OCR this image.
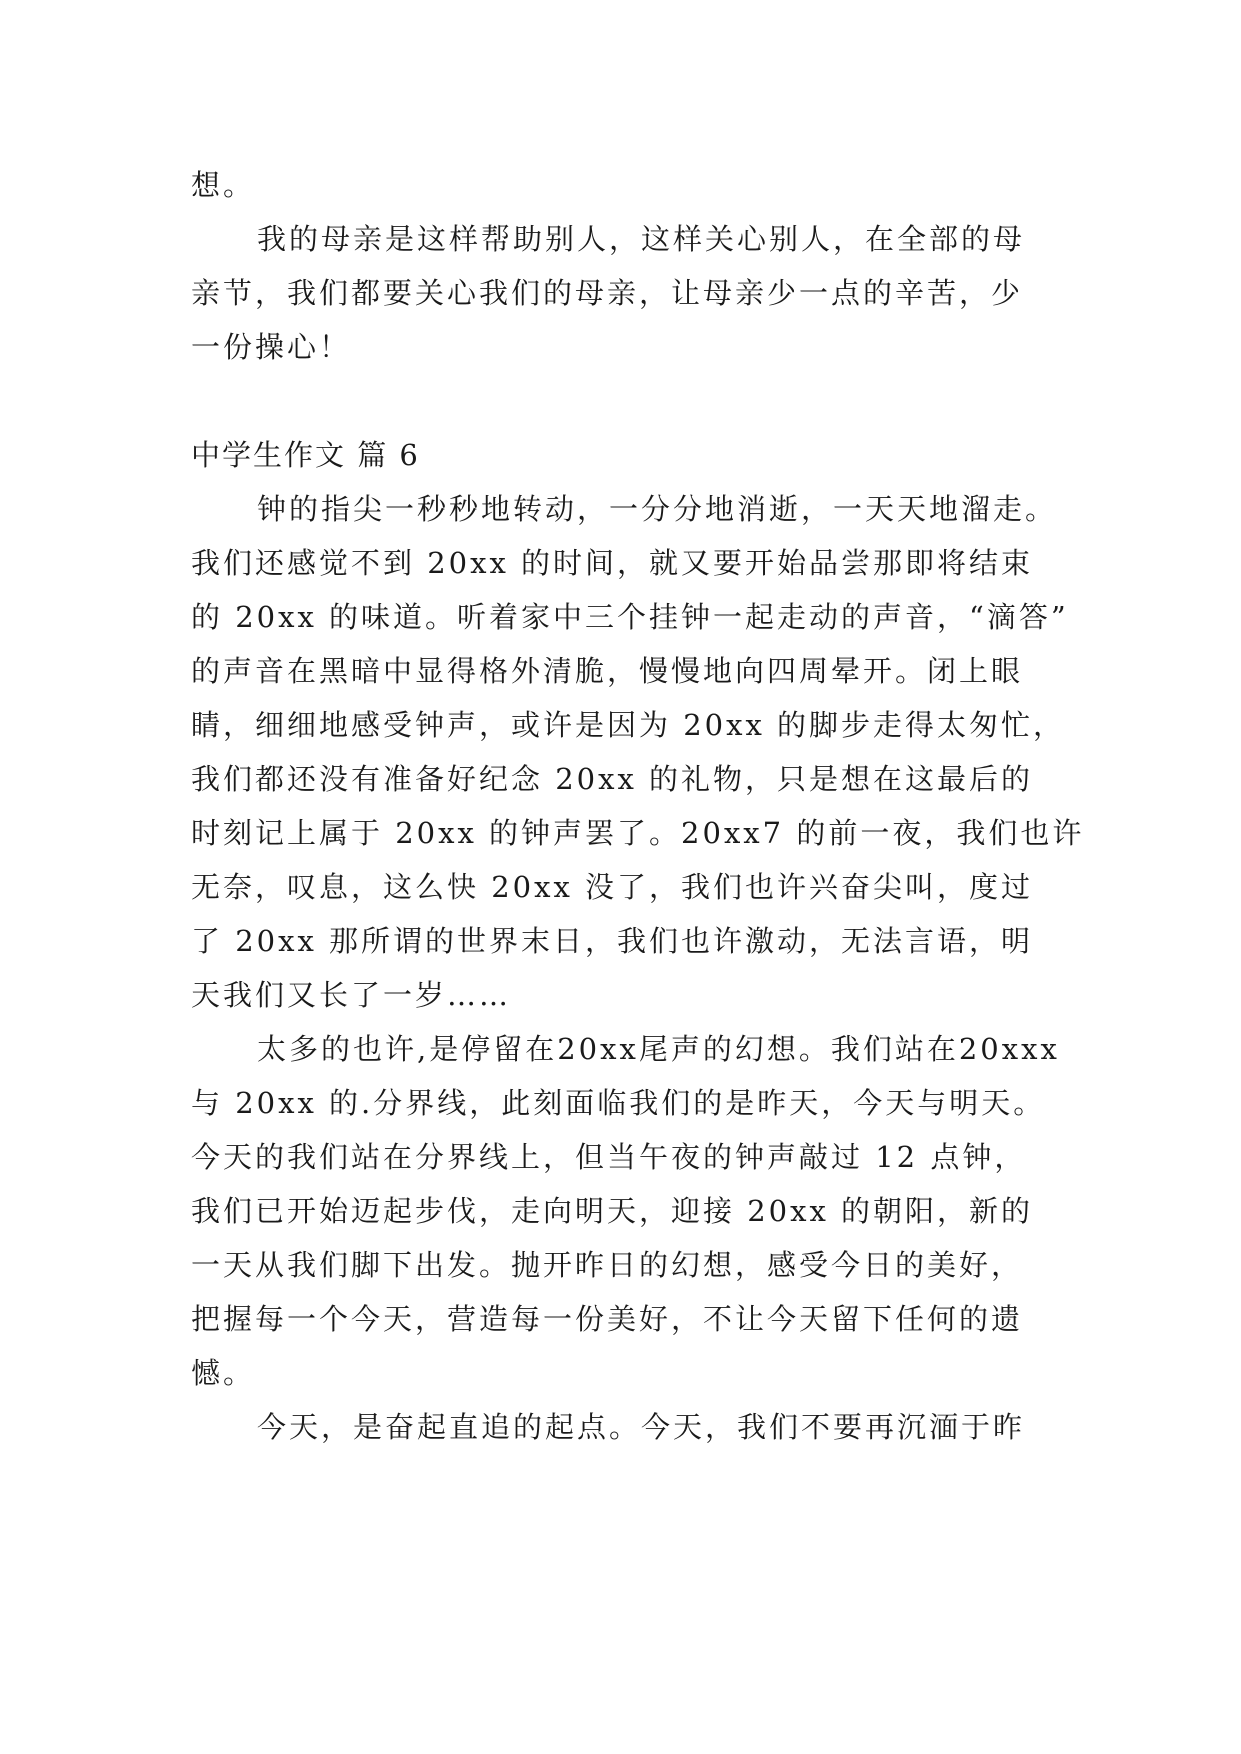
想。
我的母亲是这样帮助别人，这样关心别人，在全部的母
亲节，我们都要关心我们的母亲，让母亲少一点的辛苦，少
一份操心！
中学生作文 篇 6
钟的指尖一秒秒地转动，一分分地消逝，一天天地溜走。
我们还感觉不到 20xx 的时间，就又要开始品尝那即将结束
的 20xx 的味道。听着家中三个挂钟一起走动的声音，“滴答”
的声音在黑暗中显得格外清脆，慢慢地向四周晕开。闭上眼
睛，细细地感受钟声，或许是因为 20xx 的脚步走得太匆忙，
我们都还没有准备好纪念 20xx 的礼物，只是想在这最后的
时刻记上属于 20xx 的钟声罢了。20xx7 的前一夜，我们也许
无奈，叹息，这么快 20xx 没了，我们也许兴奋尖叫，度过
了 20xx 那所谓的世界末日，我们也许激动，无法言语，明
天我们又长了一岁……
太多的也许,是停留在20xx尾声的幻想。我们站在20xxx
与 20xx 的.分界线，此刻面临我们的是昨天，今天与明天。
今天的我们站在分界线上，但当午夜的钟声敲过 12 点钟，
我们已开始迈起步伐，走向明天，迎接 20xx 的朝阳，新的
一天从我们脚下出发。抛开昨日的幻想，感受今日的美好，
把握每一个今天，营造每一份美好，不让今天留下任何的遗
憾。
今天，是奋起直追的起点。今天，我们不要再沉湎于昨
